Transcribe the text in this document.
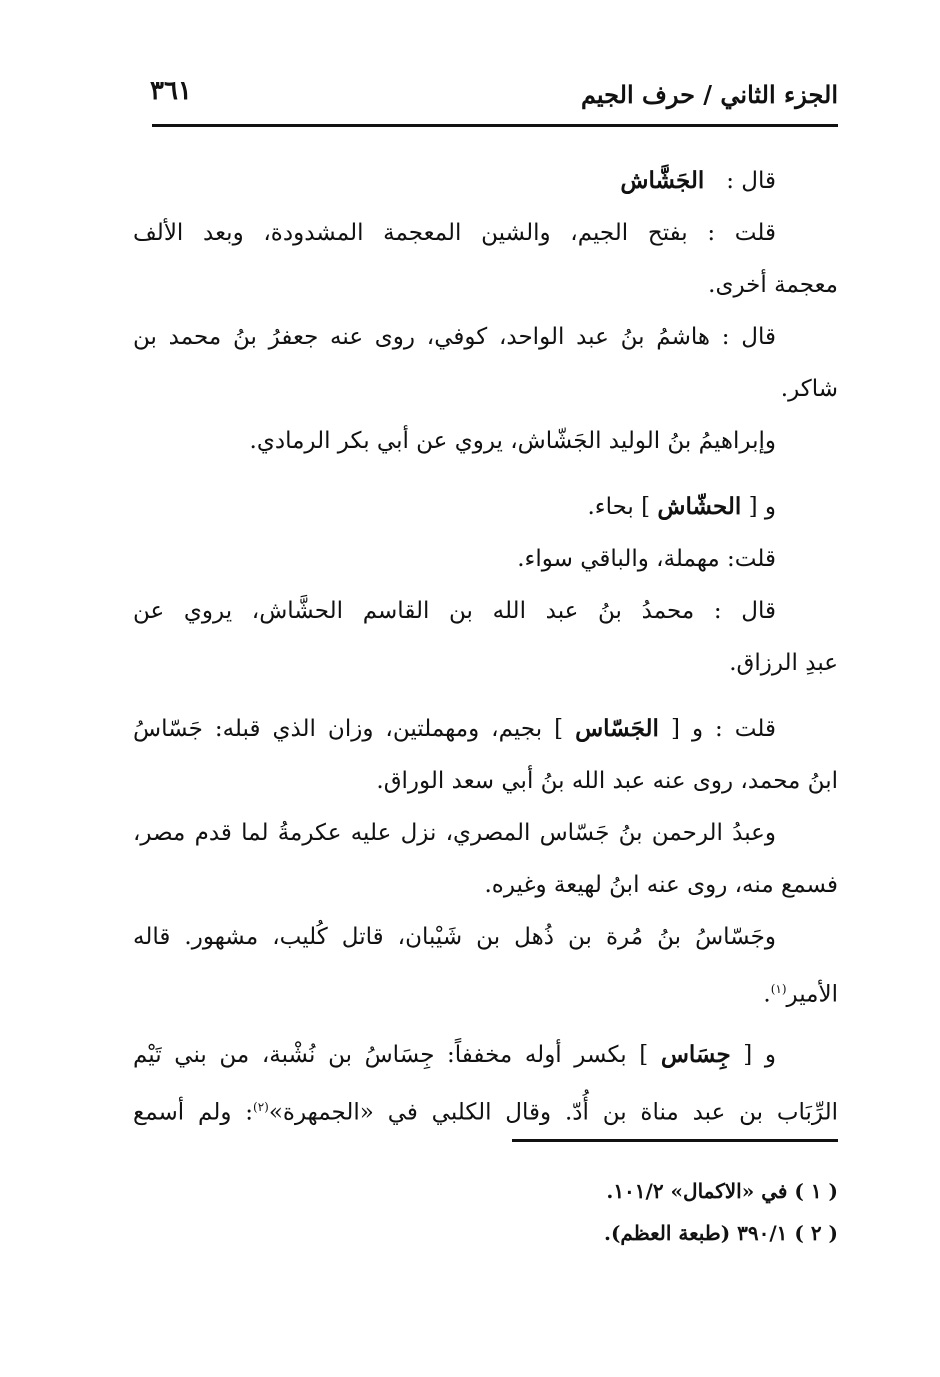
الجزء الثاني / حرف الجيم
٣٦١
قال :   الجَشَّاش
قلت : بفتح الجيم، والشين المعجمة المشدودة، وبعد الألف
معجمة أخرى.
قال : هاشمُ بنُ عبد الواحد، كوفي، روى عنه جعفرُ بنُ محمد بن
شاكر.
وإبراهيمُ بنُ الوليد الجَشّاش، يروي عن أبي بكر الرمادي.
و [ الحشّاش ] بحاء.
قلت: مهملة، والباقي سواء.
قال : محمدُ بنُ عبد الله بن القاسم الحشَّاش، يروي عن
عبدِ الرزاق.
قلت : و [ الجَسّاس ] بجيم، ومهملتين، وزان الذي قبله: جَسّاسُ
ابنُ محمد، روى عنه عبد الله بنُ أبي سعد الوراق.
وعبدُ الرحمن بنُ جَسّاس المصري، نزل عليه عكرمةُ لما قدم مصر،
فسمع منه، روى عنه ابنُ لهيعة وغيره.
وجَسّاسُ بنُ مُرة بن ذُهل بن شَيْبان، قاتل كُليب، مشهور. قاله
الأمير$^{(١)}$.
و [ جِسَاس ] بكسر أوله مخففاً: جِسَاسُ بن نُشْبة، من بني تَيْم
الرِّبَاب بن عبد مناة بن أُدّ. وقال الكلبي في «الجمهرة»$^{(٢)}$: ولم أسمع
( ١ ) في «الاكمال» ١٠١/٢.
( ٢ ) ٣٩٠/١ (طبعة العظم).
